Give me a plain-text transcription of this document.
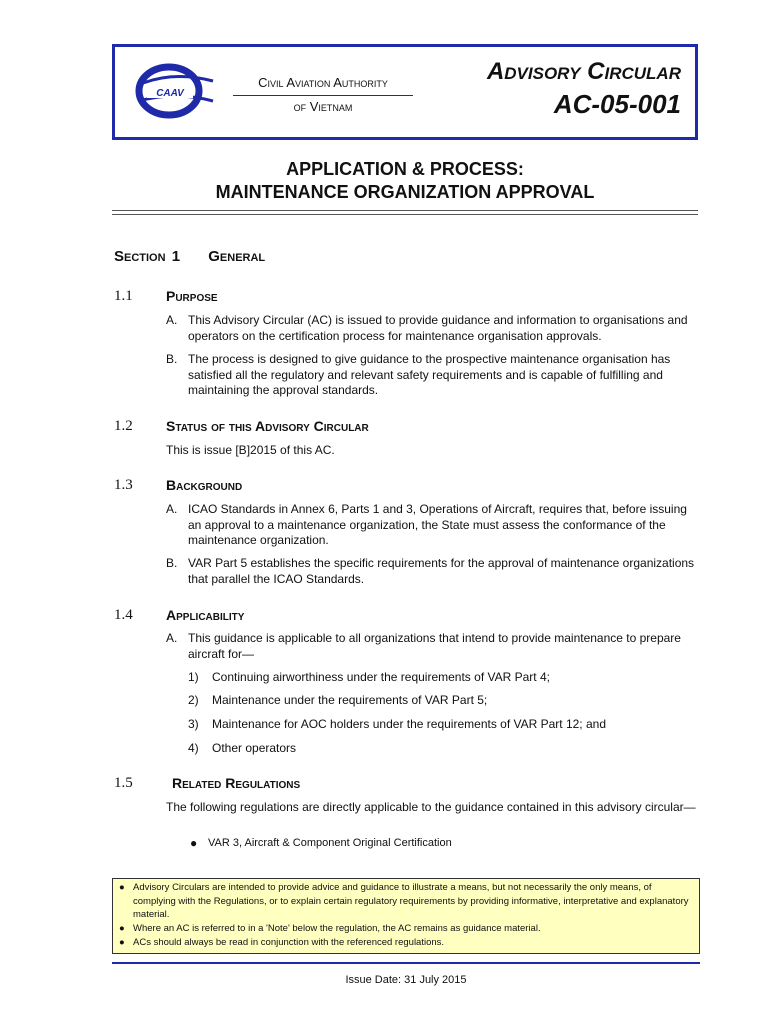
CAAV
Civil Aviation Authority
of Vietnam
Advisory Circular
AC-05-001
APPLICATION & PROCESS:
MAINTENANCE ORGANIZATION APPROVAL
Section 1 General
1.1 Purpose
A. This Advisory Circular (AC) is issued to provide guidance and information to organisations and operators on the certification process for maintenance organisation approvals.
B. The process is designed to give guidance to the prospective maintenance organisation has satisfied all the regulatory and relevant safety requirements and is capable of fulfilling and maintaining the approval standards.
1.2 Status of this Advisory Circular
This is issue [B]2015 of this AC.
1.3 Background
A. ICAO Standards in Annex 6, Parts 1 and 3, Operations of Aircraft, requires that, before issuing an approval to a maintenance organization, the State must assess the conformance of the maintenance organization.
B. VAR Part 5 establishes the specific requirements for the approval of maintenance organizations that parallel the ICAO Standards.
1.4 Applicability
A. This guidance is applicable to all organizations that intend to provide maintenance to prepare aircraft for—
1) Continuing airworthiness under the requirements of VAR Part 4;
2) Maintenance under the requirements of VAR Part 5;
3) Maintenance for AOC holders under the requirements of VAR Part 12; and
4) Other operators
1.5	Related Regulations
The following regulations are directly applicable to the guidance contained in this advisory circular—
● VAR 3, Aircraft & Component Original Certification
● Advisory Circulars are intended to provide advice and guidance to illustrate a means, but not necessarily the only means, of complying with the Regulations, or to explain certain regulatory requirements by providing informative, interpretative and explanatory material.
● Where an AC is referred to in a 'Note' below the regulation, the AC remains as guidance material.
● ACs should always be read in conjunction with the referenced regulations.
Issue Date: 31 July 2015
